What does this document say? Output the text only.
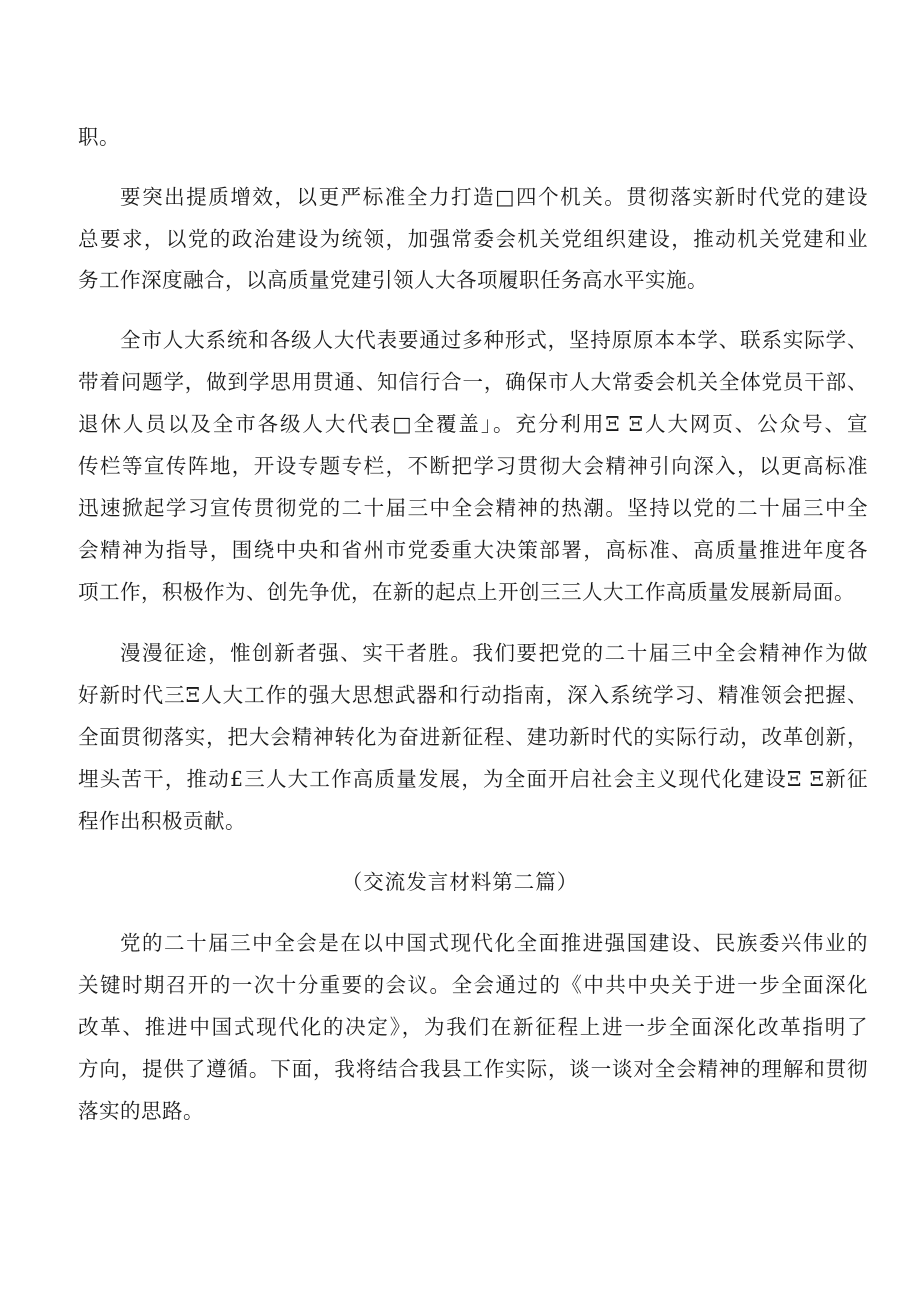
职。
要突出提质增效，以更严标准全力打造□四个机关。贯彻落实新时代党的建设
总要求，以党的政治建设为统领，加强常委会机关党组织建设，推动机关党建和业
务工作深度融合，以高质量党建引领人大各项履职任务高水平实施。
全市人大系统和各级人大代表要通过多种形式，坚持原原本本学、联系实际学、
带着问题学，做到学思用贯通、知信行合一，确保市人大常委会机关全体党员干部、
退休人员以及全市各级人大代表□全覆盖」。充分利用Ξ Ξ人大网页、公众号、宣
传栏等宣传阵地，开设专题专栏，不断把学习贯彻大会精神引向深入，以更高标准
迅速掀起学习宣传贯彻党的二十届三中全会精神的热潮。坚持以党的二十届三中全
会精神为指导，围绕中央和省州市党委重大决策部署，高标准、高质量推进年度各
项工作，积极作为、创先争优，在新的起点上开创三三人大工作高质量发展新局面。
漫漫征途，惟创新者强、实干者胜。我们要把党的二十届三中全会精神作为做
好新时代三Ξ人大工作的强大思想武器和行动指南，深入系统学习、精准领会把握、
全面贯彻落实，把大会精神转化为奋进新征程、建功新时代的实际行动，改革创新，
埋头苦干，推动£三人大工作高质量发展，为全面开启社会主义现代化建设Ξ Ξ新征
程作出积极贡献。
（交流发言材料第二篇）
党的二十届三中全会是在以中国式现代化全面推进强国建设、民族委兴伟业的
关键时期召开的一次十分重要的会议。全会通过的《中共中央关于进一步全面深化
改革、推进中国式现代化的决定》，为我们在新征程上进一步全面深化改革指明了
方向，提供了遵循。下面，我将结合我县工作实际，谈一谈对全会精神的理解和贯彻
落实的思路。
